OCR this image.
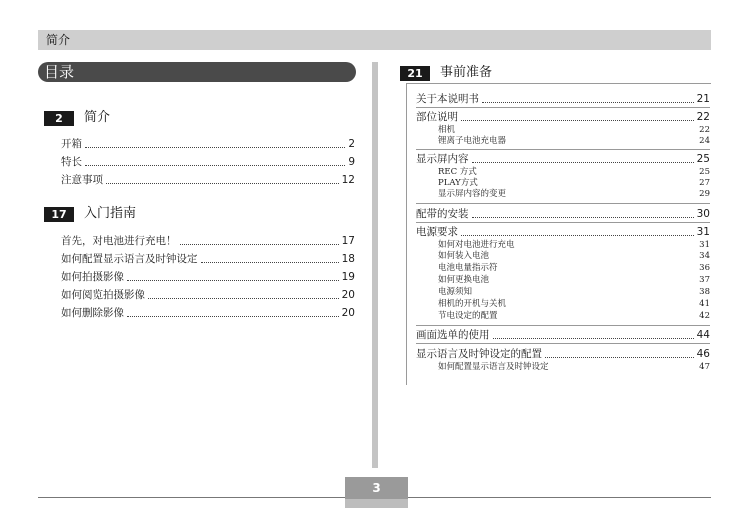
简介
目录
2	简介
开箱	2
特长	9
注意事项	12
17	入门指南
首先，对电池进行充电！	17
如何配置显示语言及时钟设定	18
如何拍摄影像	19
如何阅览拍摄影像	20
如何删除影像	20
21	事前准备
关于本说明书	21
部位说明	22
相机	22
锂离子电池充电器	24
显示屏内容	25
REC 方式	25
PLAY方式	27
显示屏内容的变更	29
配带的安装	30
电源要求	31
如何对电池进行充电	31
如何装入电池	34
电池电量指示符	36
如何更换电池	37
电源须知	38
相机的开机与关机	41
节电设定的配置	42
画面选单的使用	44
显示语言及时钟设定的配置	46
如何配置显示语言及时钟设定	47
3
